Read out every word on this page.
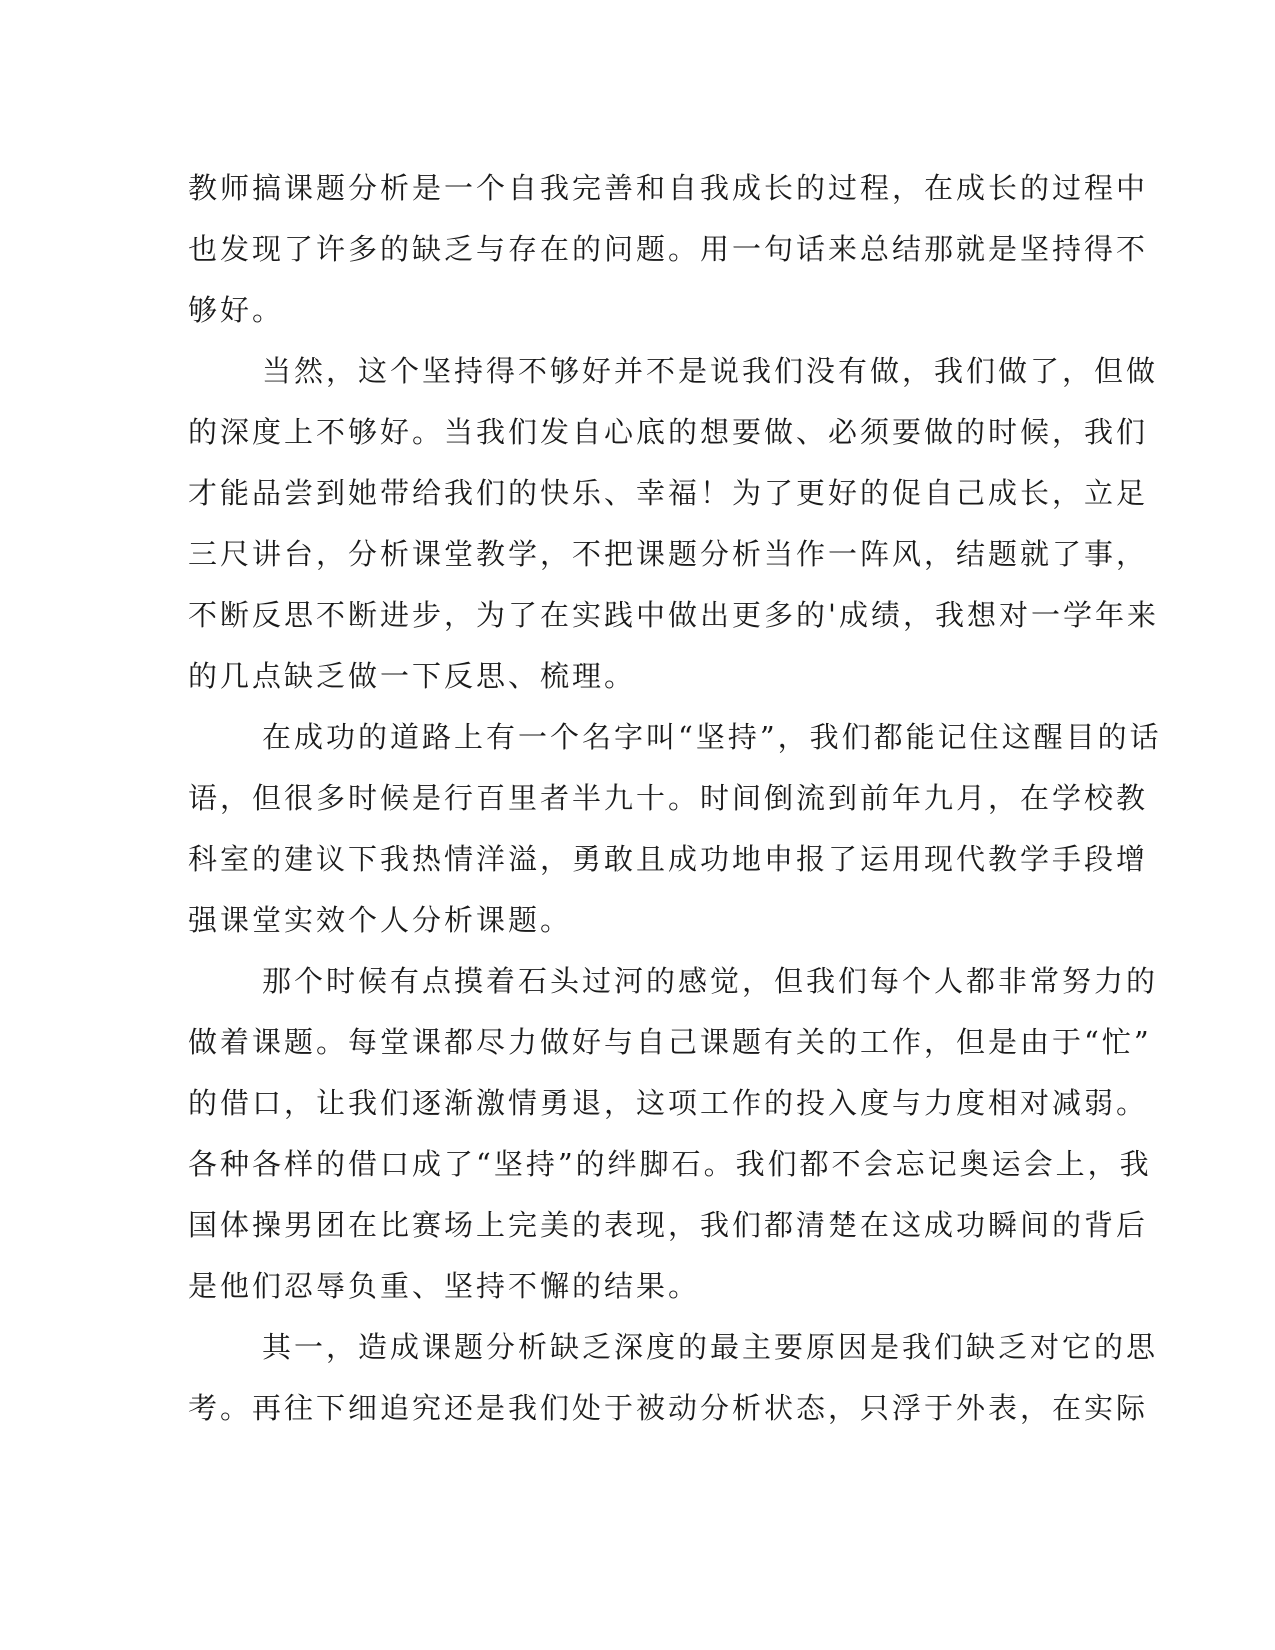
教师搞课题分析是一个自我完善和自我成长的过程，在成长的过程中
也发现了许多的缺乏与存在的问题。用一句话来总结那就是坚持得不
够好。
当然，这个坚持得不够好并不是说我们没有做，我们做了，但做
的深度上不够好。当我们发自心底的想要做、必须要做的时候，我们
才能品尝到她带给我们的快乐、幸福！为了更好的促自己成长，立足
三尺讲台，分析课堂教学，不把课题分析当作一阵风，结题就了事，
不断反思不断进步，为了在实践中做出更多的'成绩，我想对一学年来
的几点缺乏做一下反思、梳理。
在成功的道路上有一个名字叫“坚持”，我们都能记住这醒目的话
语，但很多时候是行百里者半九十。时间倒流到前年九月，在学校教
科室的建议下我热情洋溢，勇敢且成功地申报了运用现代教学手段增
强课堂实效个人分析课题。
那个时候有点摸着石头过河的感觉，但我们每个人都非常努力的
做着课题。每堂课都尽力做好与自己课题有关的工作，但是由于“忙”
的借口，让我们逐渐激情勇退，这项工作的投入度与力度相对减弱。
各种各样的借口成了“坚持”的绊脚石。我们都不会忘记奥运会上，我
国体操男团在比赛场上完美的表现，我们都清楚在这成功瞬间的背后
是他们忍辱负重、坚持不懈的结果。
其一，造成课题分析缺乏深度的最主要原因是我们缺乏对它的思
考。再往下细追究还是我们处于被动分析状态，只浮于外表，在实际
